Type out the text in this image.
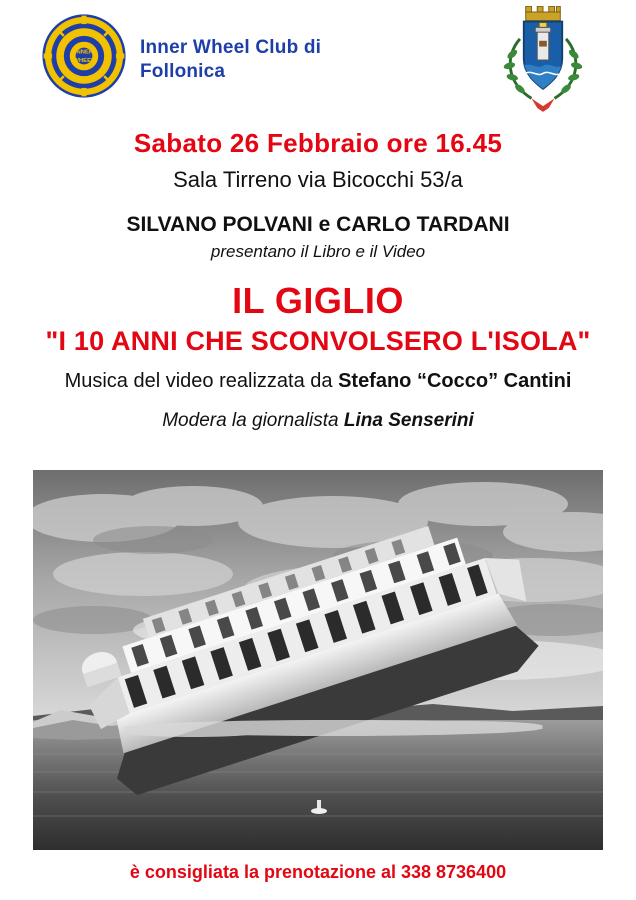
INNER
WHEEL
Inner Wheel Club di
Follonica
Sabato 26 Febbraio ore 16.45
Sala Tirreno via Bicocchi 53/a
SILVANO POLVANI e CARLO TARDANI
presentano il Libro e il Video
IL GIGLIO
"I 10 ANNI CHE SCONVOLSERO L'ISOLA"
Musica del video realizzata da Stefano “Cocco” Cantini
Modera la giornalista Lina Senserini
è consigliata la prenotazione al 338 8736400
